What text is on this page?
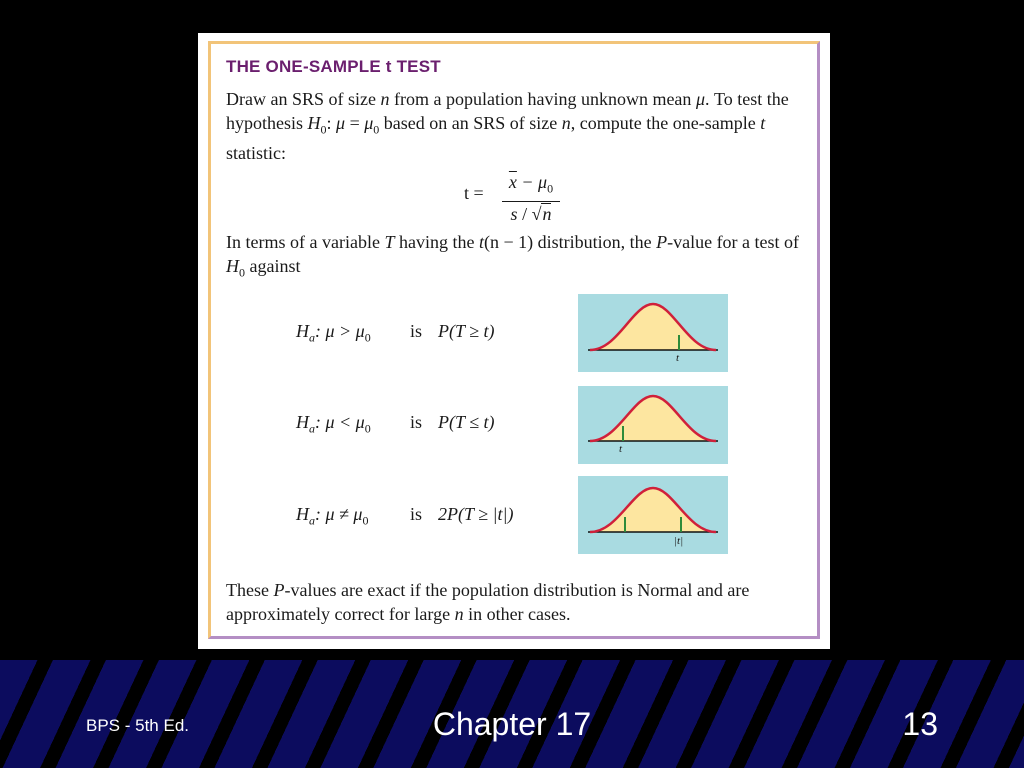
BPS - 5th Ed.	Chapter 17	13
THE ONE-SAMPLE t TEST
Draw an SRS of size n from a population having unknown mean μ. To test the hypothesis $H_0$: $\mu = \mu_0$ based on an SRS of size n, compute the one-sample t statistic:
t =
$\overline{x} - \mu_0$
s / √n
In terms of a variable T having the t(n − 1) distribution, the P-value for a test of $H_0$ against
$H_a$: $\mu > \mu_0$ is P(T ≥ t)
t
$H_a$: $\mu < \mu_0$ is P(T ≤ t)
t
$H_a$: $\mu \ne \mu_0$ is 2P(T ≥ |t|)
|t|
These P-values are exact if the population distribution is Normal and are approximately correct for large n in other cases.
